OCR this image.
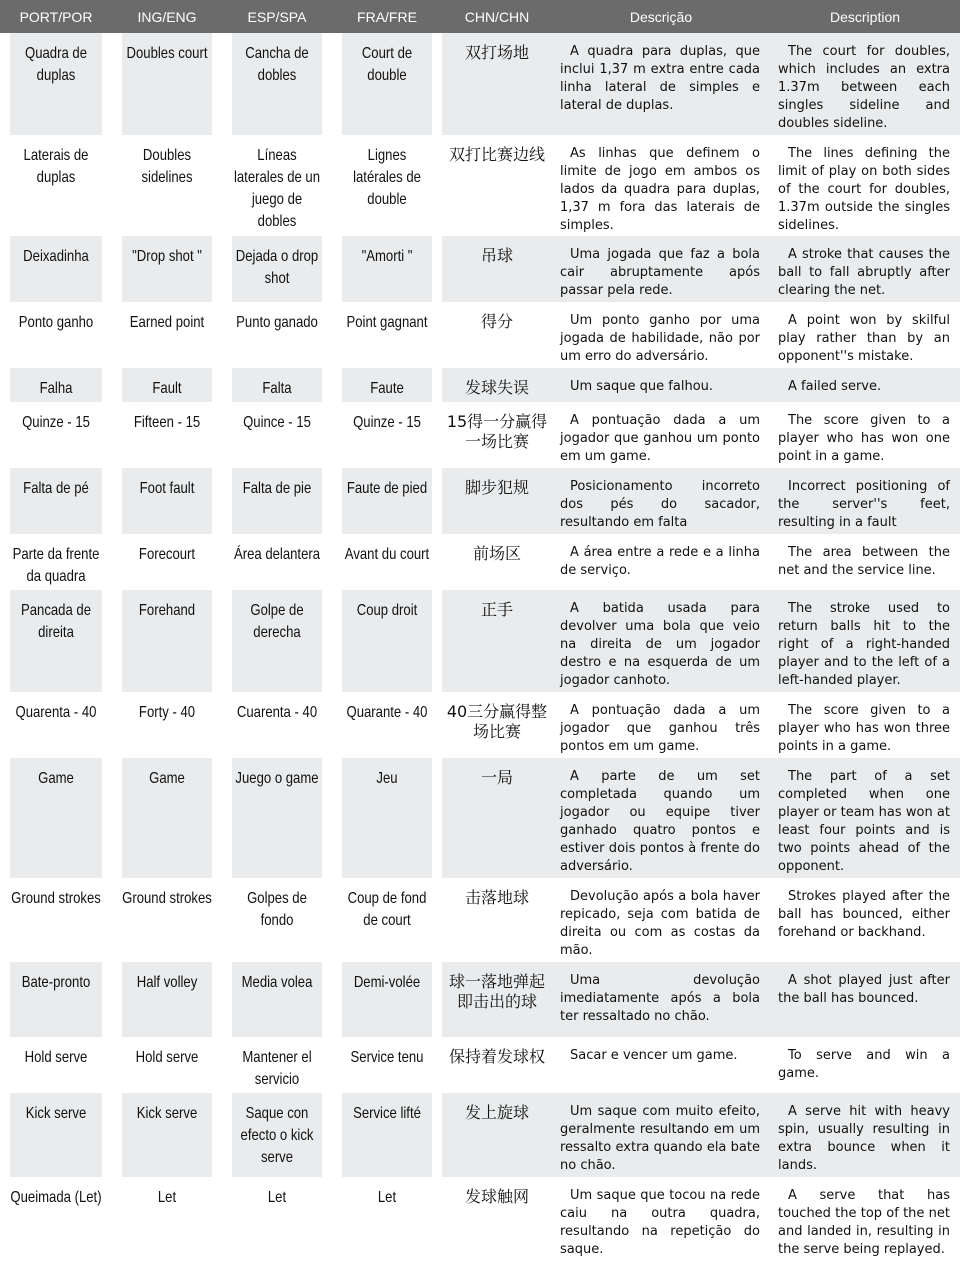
PORT/POR	ING/ENG	ESP/SPA	FRA/FRE	CHN/CHN	Descrição	Description
Quadra de duplas	Doubles court	Cancha de dobles	Court de double	双打场地	A quadra para duplas, que inclui 1,37 m extra entre cada linha lateral de simples e lateral de duplas.	The court for doubles, which includes an extra 1.37m between each singles sideline and doubles sideline.
Laterais de duplas	Doubles sidelines	Líneas laterales de un juego de dobles	Lignes latérales de double	双打比赛边线	As linhas que definem o limite de jogo em ambos os lados da quadra para duplas, 1,37 m fora das laterais de simples.	The lines defining the limit of play on both sides of the court for doubles, 1.37m outside the singles sidelines.
Deixadinha	"Drop shot "	Dejada o drop shot	"Amorti "	吊球	Uma jogada que faz a bola cair abruptamente após passar pela rede.	A stroke that causes the ball to fall abruptly after clearing the net.
Ponto ganho	Earned point	Punto ganado	Point gagnant	得分	Um ponto ganho por uma jogada de habilidade, não por um erro do adversário.	A point won by skilful play rather than by an opponent''s mistake.
Falha	Fault	Falta	Faute	发球失误	Um saque que falhou.	A failed serve.
Quinze - 15	Fifteen - 15	Quince - 15	Quinze - 15	15得一分赢得一场比赛	A pontuação dada a um jogador que ganhou um ponto em um game.	The score given to a player who has won one point in a game.
Falta de pé	Foot fault	Falta de pie	Faute de pied	脚步犯规	Posicionamento incorreto dos pés do sacador, resultando em falta	Incorrect positioning of the server''s feet, resulting in a fault
Parte da frente da quadra	Forecourt	Área delantera	Avant du court	前场区	A área entre a rede e a linha de serviço.	The area between the net and the service line.
Pancada de direita	Forehand	Golpe de derecha	Coup droit	正手	A batida usada para devolver uma bola que veio na direita de um jogador destro e na esquerda de um jogador canhoto.	The stroke used to return balls hit to the right of a right-handed player and to the left of a left-handed player.
Quarenta - 40	Forty - 40	Cuarenta - 40	Quarante - 40	40三分赢得整场比赛	A pontuação dada a um jogador que ganhou três pontos em um game.	The score given to a player who has won three points in a game.
Game	Game	Juego o game	Jeu	一局	A parte de um set completada quando um jogador ou equipe tiver ganhado quatro pontos e estiver dois pontos à frente do adversário.	The part of a set completed when one player or team has won at least four points and is two points ahead of the opponent.
Ground strokes	Ground strokes	Golpes de fondo	Coup de fond de court	击落地球	Devolução após a bola haver repicado, seja com batida de direita ou com as costas da mão.	Strokes played after the ball has bounced, either forehand or backhand.
Bate-pronto	Half volley	Media volea	Demi-volée	球一落地弹起即击出的球	Uma devolução imediatamente após a bola ter ressaltado no chão.	A shot played just after the ball has bounced.
Hold serve	Hold serve	Mantener el servicio	Service tenu	保持着发球权	Sacar e vencer um game.	To serve and win a game.
Kick serve	Kick serve	Saque con efecto o kick serve	Service lifté	发上旋球	Um saque com muito efeito, geralmente resultando em um ressalto extra quando ela bate no chão.	A serve hit with heavy spin, usually resulting in extra bounce when it lands.
Queimada (Let)	Let	Let	Let	发球触网	Um saque que tocou na rede caiu na outra quadra, resultando na repetição do saque.	A serve that has touched the top of the net and landed in, resulting in the serve being replayed.
